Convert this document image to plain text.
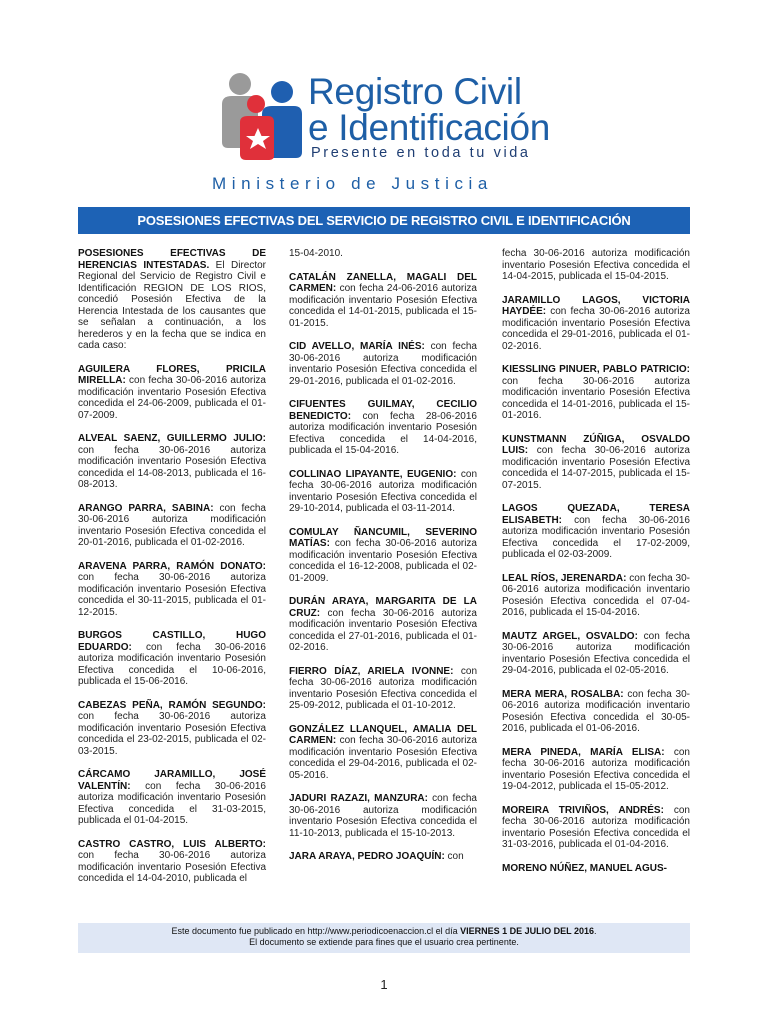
Registro Civil
e Identificación
Presente en toda tu vida
Ministerio de Justicia
POSESIONES EFECTIVAS DEL SERVICIO DE REGISTRO CIVIL E IDENTIFICACIÓN
POSESIONES EFECTIVAS DE HERENCIAS INTESTADAS. El Director Regional del Servicio de Registro Civil e Identificación REGION DE LOS RIOS, concedió Posesión Efectiva de la Herencia Intestada de los causantes que se señalan a continuación, a los herederos y en la fecha que se indica en cada caso:
AGUILERA FLORES, PRICILA MIRELLA: con fecha 30-06-2016 autoriza modificación inventario Posesión Efectiva concedida el 24-06-2009, publicada el 01-07-2009.
ALVEAL SAENZ, GUILLERMO JULIO: con fecha 30-06-2016 autoriza modificación inventario Posesión Efectiva concedida el 14-08-2013, publicada el 16-08-2013.
ARANGO PARRA, SABINA: con fecha 30-06-2016 autoriza modificación inventario Posesión Efectiva concedida el 20-01-2016, publicada el 01-02-2016.
ARAVENA PARRA, RAMÓN DONATO: con fecha 30-06-2016 autoriza modificación inventario Posesión Efectiva concedida el 30-11-2015, publicada el 01-12-2015.
BURGOS CASTILLO, HUGO EDUARDO: con fecha 30-06-2016 autoriza modificación inventario Posesión Efectiva concedida el 10-06-2016, publicada el 15-06-2016.
CABEZAS PEÑA, RAMÓN SEGUNDO: con fecha 30-06-2016 autoriza modificación inventario Posesión Efectiva concedida el 23-02-2015, publicada el 02-03-2015.
CÁRCAMO JARAMILLO, JOSÉ VALENTÍN: con fecha 30-06-2016 autoriza modificación inventario Posesión Efectiva concedida el 31-03-2015, publicada el 01-04-2015.
CASTRO CASTRO, LUIS ALBERTO: con fecha 30-06-2016 autoriza modificación inventario Posesión Efectiva concedida el 14-04-2010, publicada el
15-04-2010.
CATALÁN ZANELLA, MAGALI DEL CARMEN: con fecha 24-06-2016 autoriza modificación inventario Posesión Efectiva concedida el 14-01-2015, publicada el 15-01-2015.
CID AVELLO, MARÍA INÉS: con fecha 30-06-2016 autoriza modificación inventario Posesión Efectiva concedida el 29-01-2016, publicada el 01-02-2016.
CIFUENTES GUILMAY, CECILIO BENEDICTO: con fecha 28-06-2016 autoriza modificación inventario Posesión Efectiva concedida el 14-04-2016, publicada el 15-04-2016.
COLLINAO LIPAYANTE, EUGENIO: con fecha 30-06-2016 autoriza modificación inventario Posesión Efectiva concedida el 29-10-2014, publicada el 03-11-2014.
COMULAY ÑANCUMIL, SEVERINO MATÍAS: con fecha 30-06-2016 autoriza modificación inventario Posesión Efectiva concedida el 16-12-2008, publicada el 02-01-2009.
DURÁN ARAYA, MARGARITA DE LA CRUZ: con fecha 30-06-2016 autoriza modificación inventario Posesión Efectiva concedida el 27-01-2016, publicada el 01-02-2016.
FIERRO DÍAZ, ARIELA IVONNE: con fecha 30-06-2016 autoriza modificación inventario Posesión Efectiva concedida el 25-09-2012, publicada el 01-10-2012.
GONZÁLEZ LLANQUEL, AMALIA DEL CARMEN: con fecha 30-06-2016 autoriza modificación inventario Posesión Efectiva concedida el 29-04-2016, publicada el 02-05-2016.
JADURI RAZAZI, MANZURA: con fecha 30-06-2016 autoriza modificación inventario Posesión Efectiva concedida el 11-10-2013, publicada el 15-10-2013.
JARA ARAYA, PEDRO JOAQUÍN: con
fecha 30-06-2016 autoriza modificación inventario Posesión Efectiva concedida el 14-04-2015, publicada el 15-04-2015.
JARAMILLO LAGOS, VICTORIA HAYDÉE: con fecha 30-06-2016 autoriza modificación inventario Posesión Efectiva concedida el 29-01-2016, publicada el 01-02-2016.
KIESSLING PINUER, PABLO PATRICIO: con fecha 30-06-2016 autoriza modificación inventario Posesión Efectiva concedida el 14-01-2016, publicada el 15-01-2016.
KUNSTMANN ZÚÑIGA, OSVALDO LUIS: con fecha 30-06-2016 autoriza modificación inventario Posesión Efectiva concedida el 14-07-2015, publicada el 15-07-2015.
LAGOS QUEZADA, TERESA ELISABETH: con fecha 30-06-2016 autoriza modificación inventario Posesión Efectiva concedida el 17-02-2009, publicada el 02-03-2009.
LEAL RÍOS, JERENARDA: con fecha 30-06-2016 autoriza modificación inventario Posesión Efectiva concedida el 07-04-2016, publicada el 15-04-2016.
MAUTZ ARGEL, OSVALDO: con fecha 30-06-2016 autoriza modificación inventario Posesión Efectiva concedida el 29-04-2016, publicada el 02-05-2016.
MERA MERA, ROSALBA: con fecha 30-06-2016 autoriza modificación inventario Posesión Efectiva concedida el 30-05-2016, publicada el 01-06-2016.
MERA PINEDA, MARÍA ELISA: con fecha 30-06-2016 autoriza modificación inventario Posesión Efectiva concedida el 19-04-2012, publicada el 15-05-2012.
MOREIRA TRIVIÑOS, ANDRÉS: con fecha 30-06-2016 autoriza modificación inventario Posesión Efectiva concedida el 31-03-2016, publicada el 01-04-2016.
MORENO NÚÑEZ, MANUEL AGUS-
Este documento fue publicado en http://www.periodicoenaccion.cl el día VIERNES 1 DE JULIO DEL 2016.
El documento se extiende para fines que el usuario crea pertinente.
1
